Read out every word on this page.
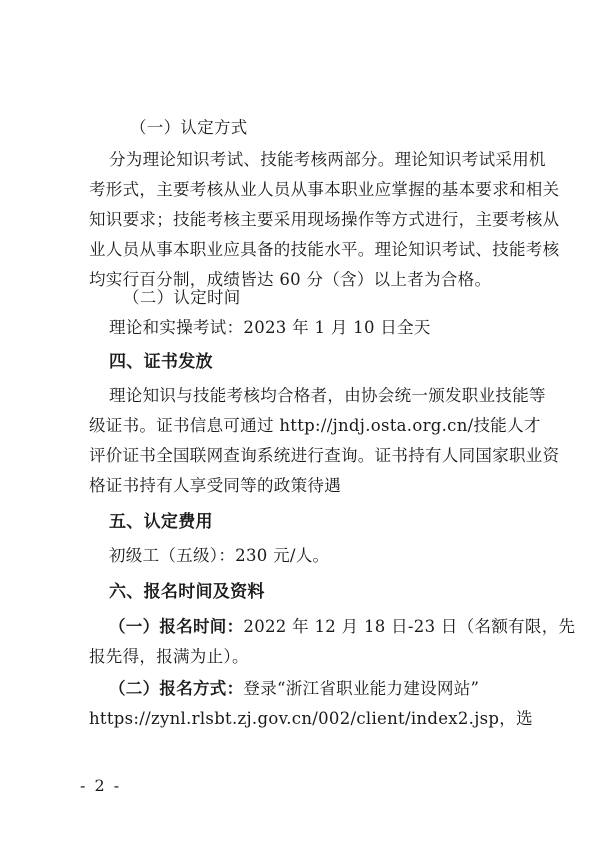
（一）认定方式
分为理论知识考试、技能考核两部分。理论知识考试采用机
考形式，主要考核从业人员从事本职业应掌握的基本要求和相关
知识要求；技能考核主要采用现场操作等方式进行，主要考核从
业人员从事本职业应具备的技能水平。理论知识考试、技能考核
均实行百分制，成绩皆达 60 分（含）以上者为合格。
（二）认定时间
理论和实操考试：2023 年 1 月 10 日全天
四、证书发放
理论知识与技能考核均合格者，由协会统一颁发职业技能等
级证书。证书信息可通过 http://jndj.osta.org.cn/技能人才
评价证书全国联网查询系统进行查询。证书持有人同国家职业资
格证书持有人享受同等的政策待遇
五、认定费用
初级工（五级）：230 元/人。
六、报名时间及资料
（一）报名时间：2022 年 12 月 18 日-23 日（名额有限，先
报先得，报满为止）。
（二）报名方式：登录“浙江省职业能力建设网站”
https://zynl.rlsbt.zj.gov.cn/002/client/index2.jsp，选
- 2 -
